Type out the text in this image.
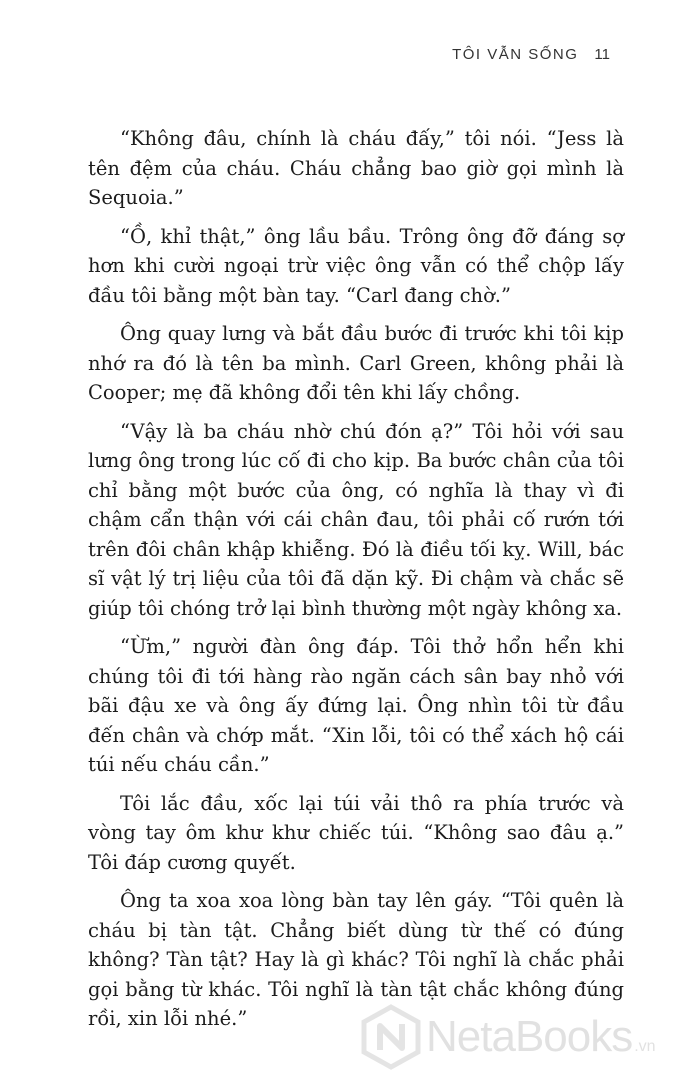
TÔI VẪN SỐNG 11

“Không đâu, chính là cháu đấy,” tôi nói. “Jess là tên đệm của cháu. Cháu chẳng bao giờ gọi mình là Sequoia.”

“Ồ, khỉ thật,” ông lầu bầu. Trông ông đỡ đáng sợ hơn khi cười ngoại trừ việc ông vẫn có thể chộp lấy đầu tôi bằng một bàn tay. “Carl đang chờ.”

Ông quay lưng và bắt đầu bước đi trước khi tôi kịp nhớ ra đó là tên ba mình. Carl Green, không phải là Cooper; mẹ đã không đổi tên khi lấy chồng.

“Vậy là ba cháu nhờ chú đón ạ?” Tôi hỏi với sau lưng ông trong lúc cố đi cho kịp. Ba bước chân của tôi chỉ bằng một bước của ông, có nghĩa là thay vì đi chậm cẩn thận với cái chân đau, tôi phải cố rướn tới trên đôi chân khập khiễng. Đó là điều tối kỵ. Will, bác sĩ vật lý trị liệu của tôi đã dặn kỹ. Đi chậm và chắc sẽ giúp tôi chóng trở lại bình thường một ngày không xa.

“Ừm,” người đàn ông đáp. Tôi thở hổn hển khi chúng tôi đi tới hàng rào ngăn cách sân bay nhỏ với bãi đậu xe và ông ấy đứng lại. Ông nhìn tôi từ đầu đến chân và chớp mắt. “Xin lỗi, tôi có thể xách hộ cái túi nếu cháu cần.”

Tôi lắc đầu, xốc lại túi vải thô ra phía trước và vòng tay ôm khư khư chiếc túi. “Không sao đâu ạ.” Tôi đáp cương quyết.

Ông ta xoa xoa lòng bàn tay lên gáy. “Tôi quên là cháu bị tàn tật. Chẳng biết dùng từ thế có đúng không? Tàn tật? Hay là gì khác? Tôi nghĩ là chắc phải gọi bằng từ khác. Tôi nghĩ là tàn tật chắc không đúng rồi, xin lỗi nhé.”	NetaBooks .vn
